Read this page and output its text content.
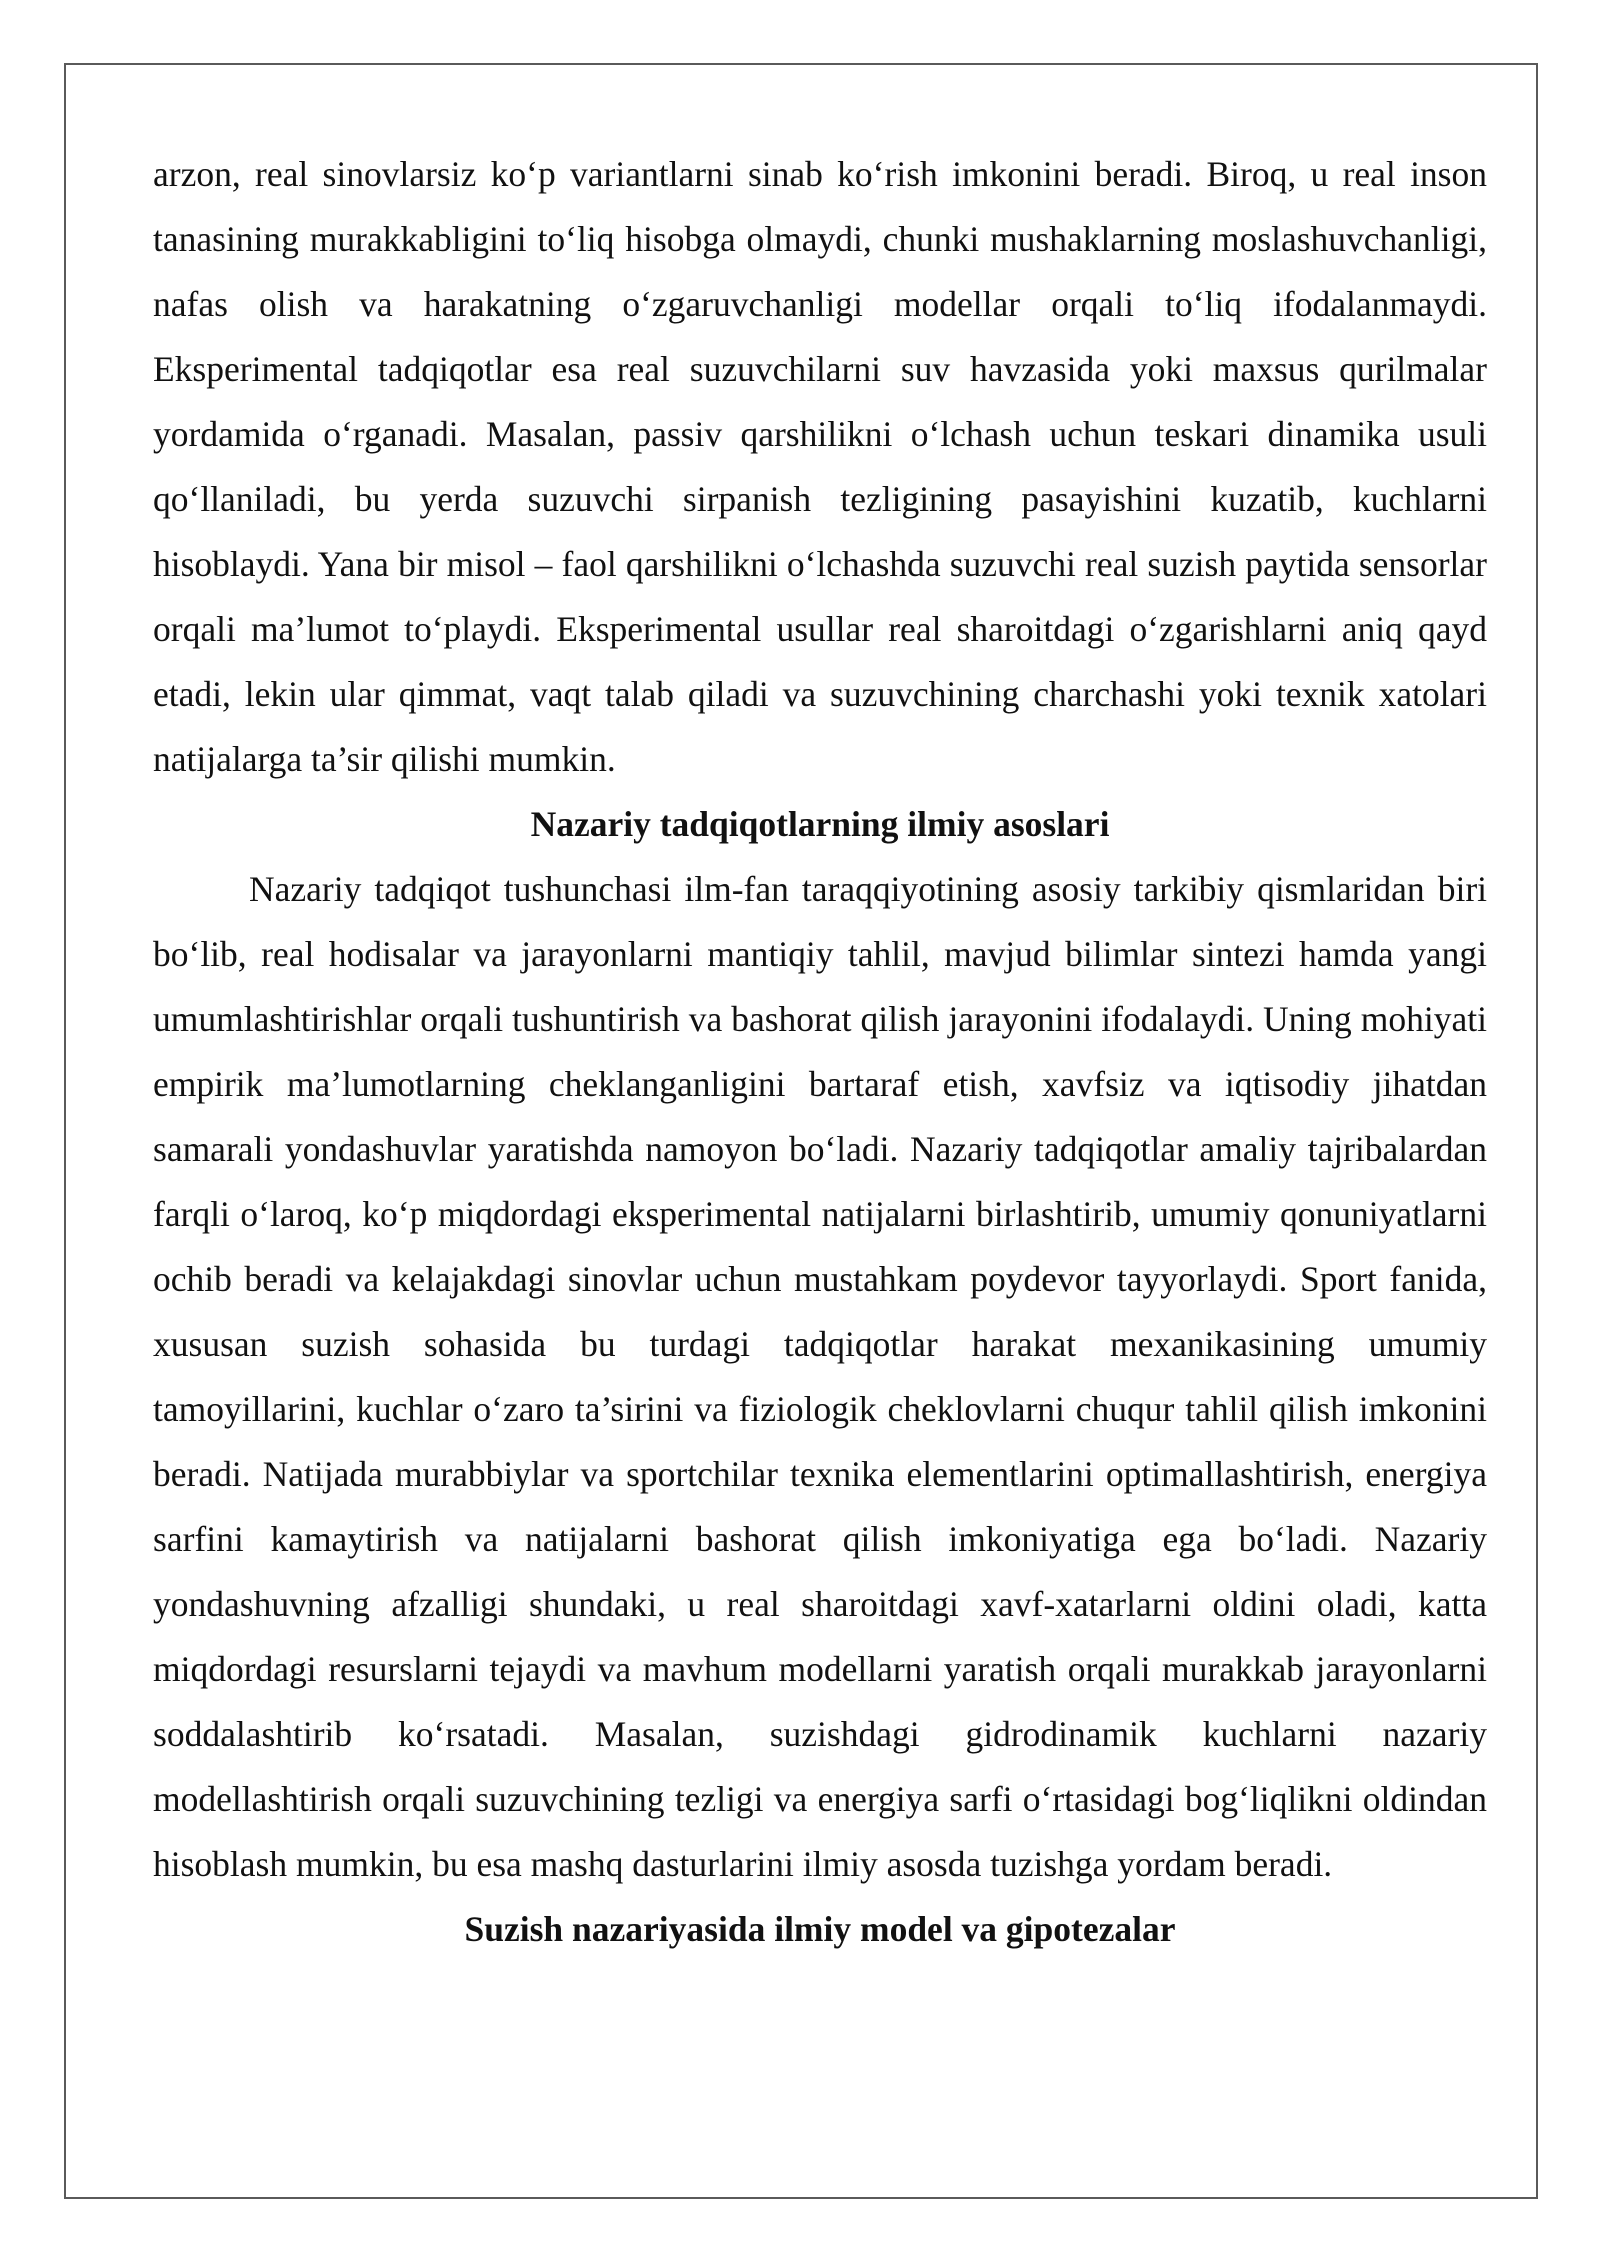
arzon, real sinovlarsiz ko‘p variantlarni sinab ko‘rish imkonini beradi. Biroq, u real inson tanasining murakkabligini to‘liq hisobga olmaydi, chunki mushaklarning moslashuvchanligi, nafas olish va harakatning o‘zgaruvchanligi modellar orqali to‘liq ifodalanmaydi. Eksperimental tadqiqotlar esa real suzuvchilarni suv havzasida yoki maxsus qurilmalar yordamida o‘rganadi. Masalan, passiv qarshilikni o‘lchash uchun teskari dinamika usuli qo‘llaniladi, bu yerda suzuvchi sirpanish tezligining pasayishini kuzatib, kuchlarni hisoblaydi. Yana bir misol – faol qarshilikni o‘lchashda suzuvchi real suzish paytida sensorlar orqali ma’lumot to‘playdi. Eksperimental usullar real sharoitdagi o‘zgarishlarni aniq qayd etadi, lekin ular qimmat, vaqt talab qiladi va suzuvchining charchashi yoki texnik xatolari natijalarga ta’sir qilishi mumkin.

Nazariy tadqiqotlarning ilmiy asoslari

Nazariy tadqiqot tushunchasi ilm-fan taraqqiyotining asosiy tarkibiy qismlaridan biri bo‘lib, real hodisalar va jarayonlarni mantiqiy tahlil, mavjud bilimlar sintezi hamda yangi umumlashtirishlar orqali tushuntirish va bashorat qilish jarayonini ifodalaydi. Uning mohiyati empirik ma’lumotlarning cheklanganligini bartaraf etish, xavfsiz va iqtisodiy jihatdan samarali yondashuvlar yaratishda namoyon bo‘ladi. Nazariy tadqiqotlar amaliy tajribalardan farqli o‘laroq, ko‘p miqdordagi eksperimental natijalarni birlashtirib, umumiy qonuniyatlarni ochib beradi va kelajakdagi sinovlar uchun mustahkam poydevor tayyorlaydi. Sport fanida, xususan suzish sohasida bu turdagi tadqiqotlar harakat mexanikasining umumiy tamoyillarini, kuchlar o‘zaro ta’sirini va fiziologik cheklovlarni chuqur tahlil qilish imkonini beradi. Natijada murabbiylar va sportchilar texnika elementlarini optimallashtirish, energiya sarfini kamaytirish va natijalarni bashorat qilish imkoniyatiga ega bo‘ladi. Nazariy yondashuvning afzalligi shundaki, u real sharoitdagi xavf-xatarlarni oldini oladi, katta miqdordagi resurslarni tejaydi va mavhum modellarni yaratish orqali murakkab jarayonlarni soddalashtirib ko‘rsatadi. Masalan, suzishdagi gidrodinamik kuchlarni nazariy modellashtirish orqali suzuvchining tezligi va energiya sarfi o‘rtasidagi bog‘liqlikni oldindan hisoblash mumkin, bu esa mashq dasturlarini ilmiy asosda tuzishga yordam beradi.

Suzish nazariyasida ilmiy model va gipotezalar
